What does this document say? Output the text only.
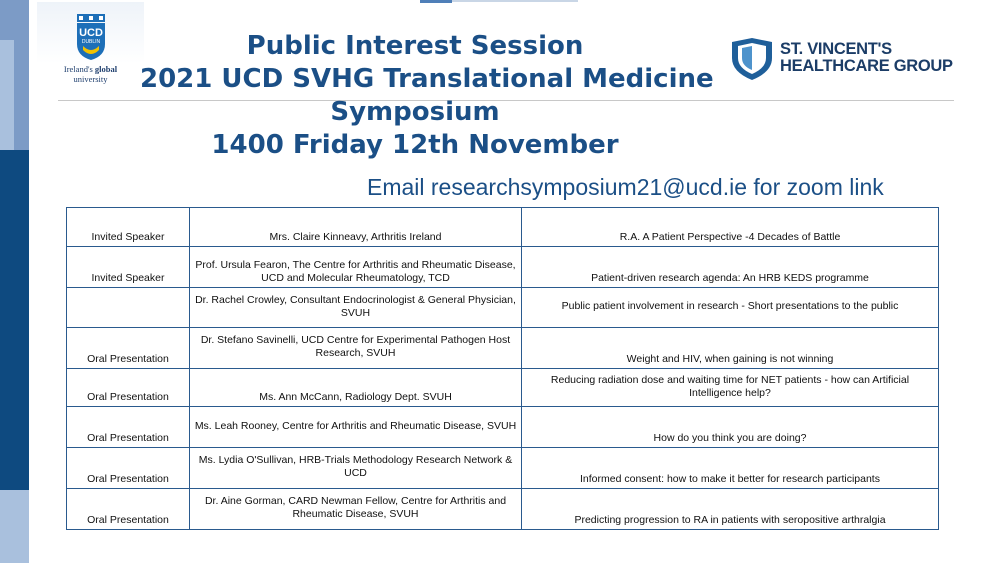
UCD
DUBLIN
Ireland's global
university
ST. VINCENT'S
HEALTHCARE GROUP
Public Interest Session
2021 UCD SVHG Translational Medicine
Symposium
1400 Friday 12th November
Email researchsymposium21@ucd.ie for zoom link
Invited Speaker	Mrs. Claire Kinneavy, Arthritis Ireland	R.A. A Patient Perspective -4 Decades of Battle
Invited Speaker	Prof. Ursula Fearon, The Centre for Arthritis and Rheumatic Disease, UCD and Molecular Rheumatology, TCD	Patient-driven research agenda: An HRB KEDS programme
	Dr. Rachel Crowley, Consultant Endocrinologist & General Physician, SVUH	Public patient involvement in research - Short presentations to the public
Oral Presentation	Dr. Stefano Savinelli, UCD Centre for Experimental Pathogen Host Research, SVUH	Weight and HIV, when gaining is not winning
Oral Presentation	Ms. Ann McCann, Radiology Dept. SVUH	Reducing radiation dose and waiting time for NET patients - how can Artificial Intelligence help?
Oral Presentation	Ms. Leah Rooney, Centre for Arthritis and Rheumatic Disease, SVUH	How do you think you are doing?
Oral Presentation	Ms. Lydia O'Sullivan, HRB-Trials Methodology Research Network & UCD	Informed consent: how to make it better for research participants
Oral Presentation	Dr. Aine Gorman, CARD Newman Fellow, Centre for Arthritis and Rheumatic Disease, SVUH	Predicting progression to RA in patients with seropositive arthralgia
